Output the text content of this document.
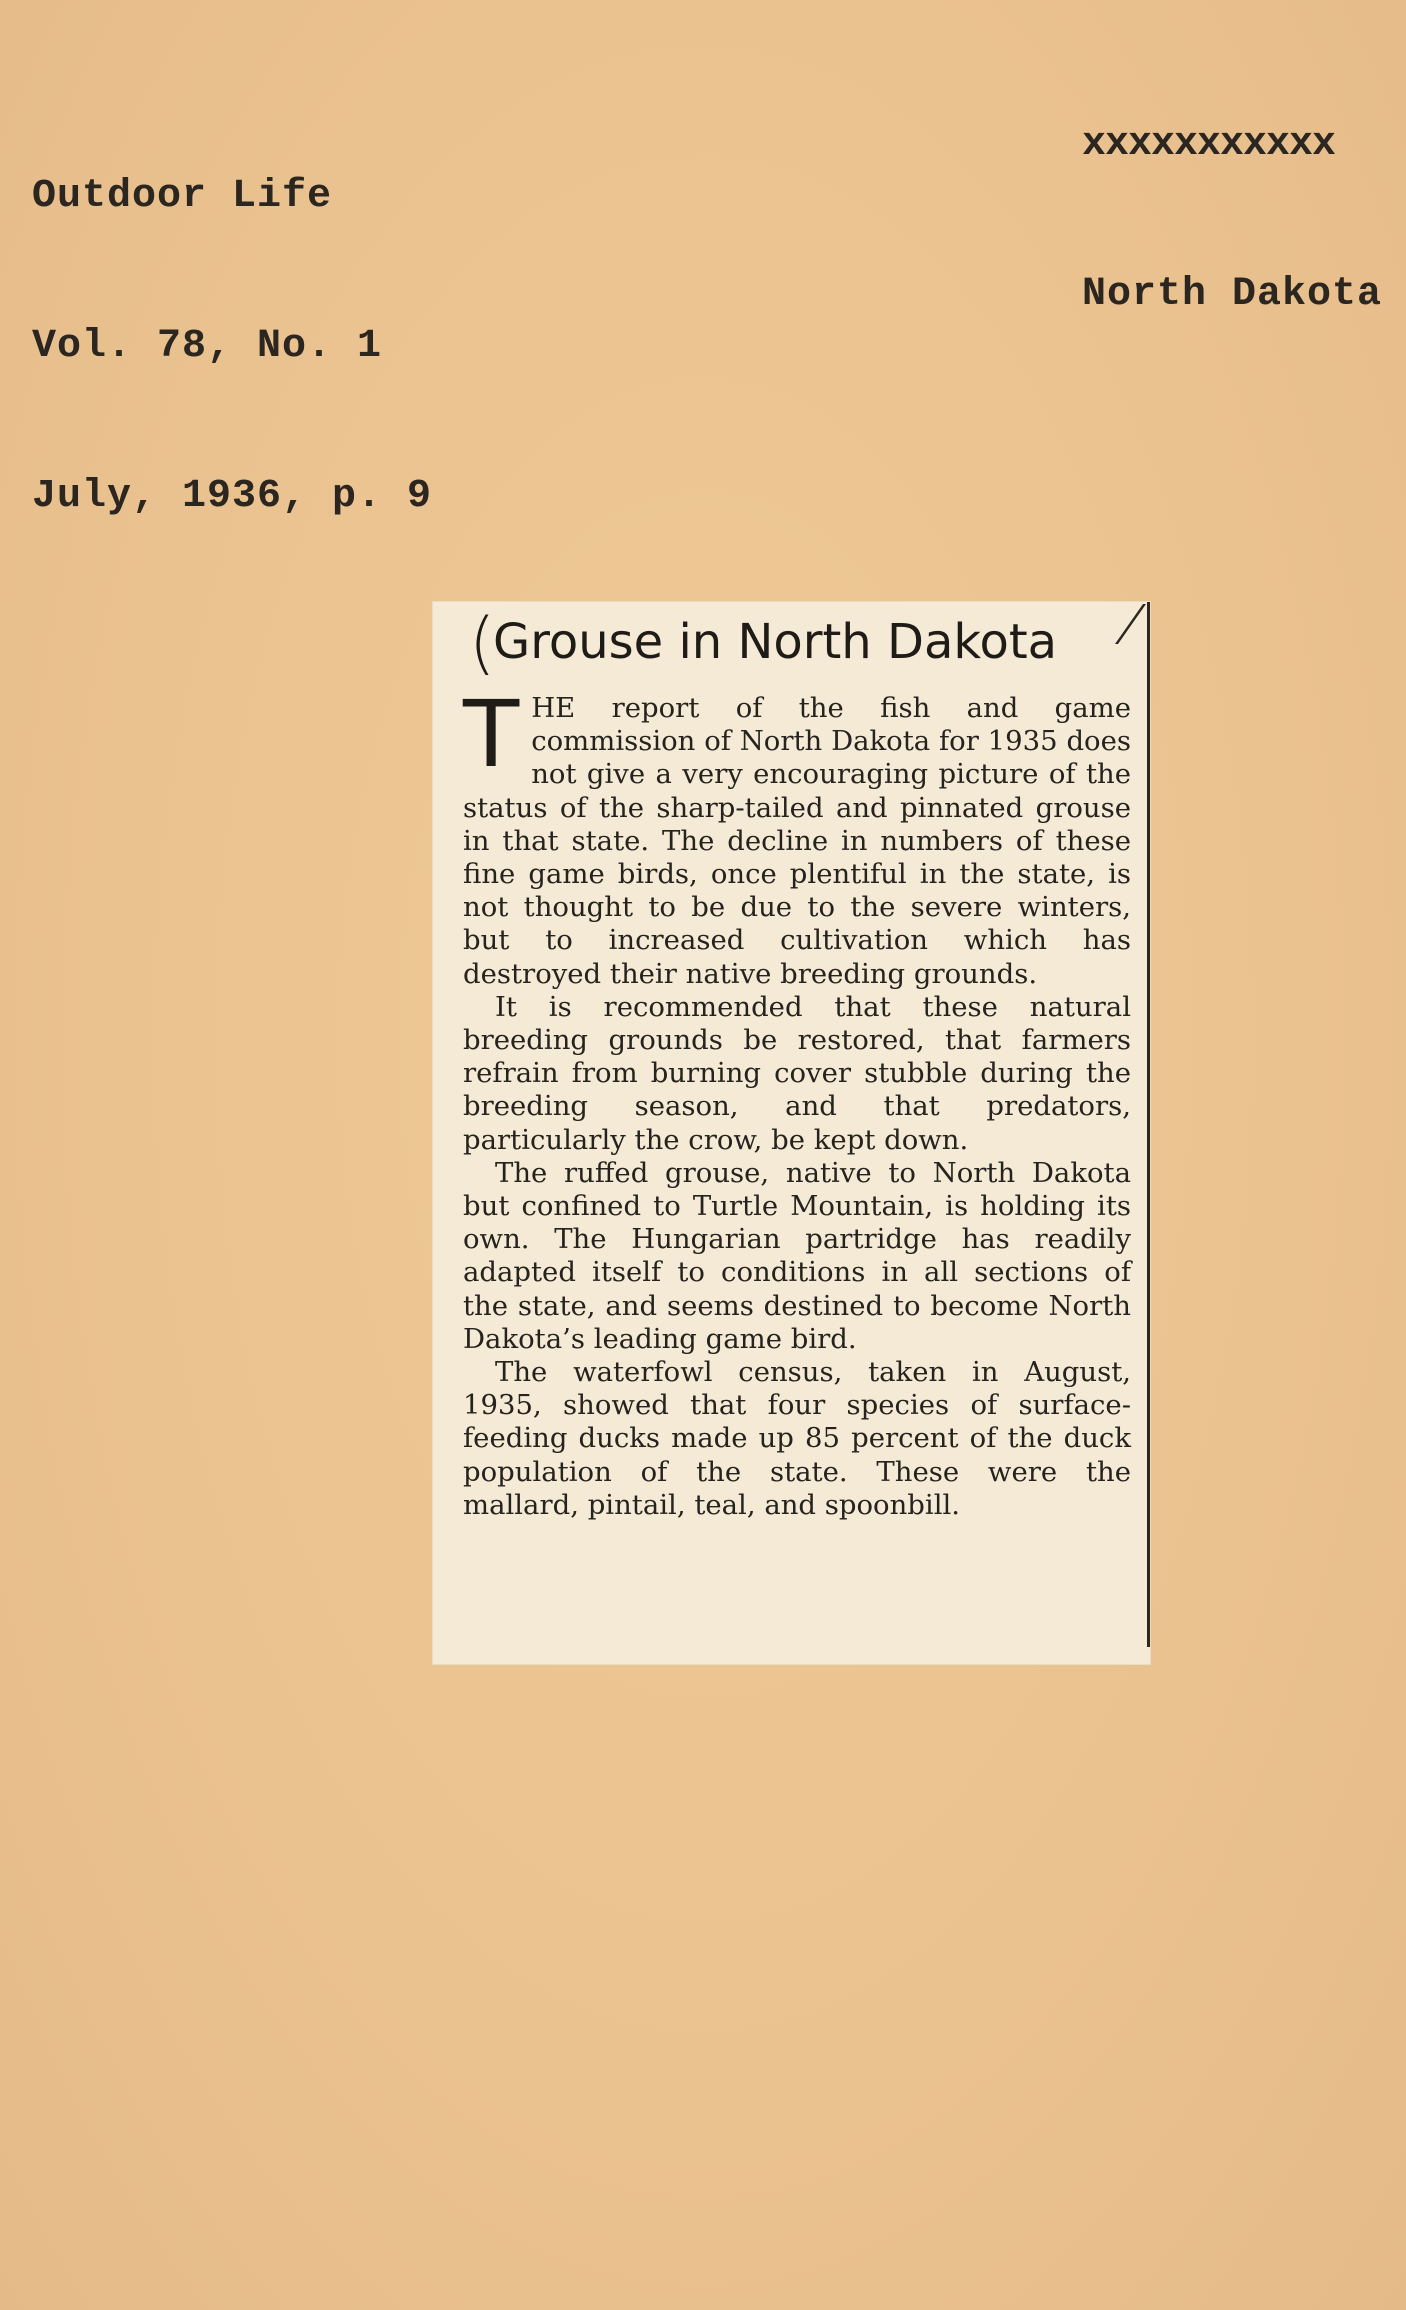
Outdoor Life

Vol. 78, No. 1

July, 1936, p. 9

xxxxxxxxxxx

North Dakota

(
Grouse in North Dakota

T HE report of the fish and game commission of North Dakota for 1935 does not give a very encouraging picture of the status of the sharp-tailed and pinnated grouse in that state. The decline in numbers of these fine game birds, once plentiful in the state, is not thought to be due to the severe winters, but to increased cultivation which has destroyed their native breeding grounds.

It is recommended that these natural breeding grounds be restored, that farmers refrain from burning cover stubble during the breeding season, and that predators, particularly the crow, be kept down.

The ruffed grouse, native to North Dakota but confined to Turtle Mountain, is holding its own. The Hungarian partridge has readily adapted itself to conditions in all sections of the state, and seems destined to become North Dakota’s leading game bird.

The waterfowl census, taken in August, 1935, showed that four species of surface-feeding ducks made up 85 percent of the duck population of the state. These were the mallard, pintail, teal, and spoonbill.
